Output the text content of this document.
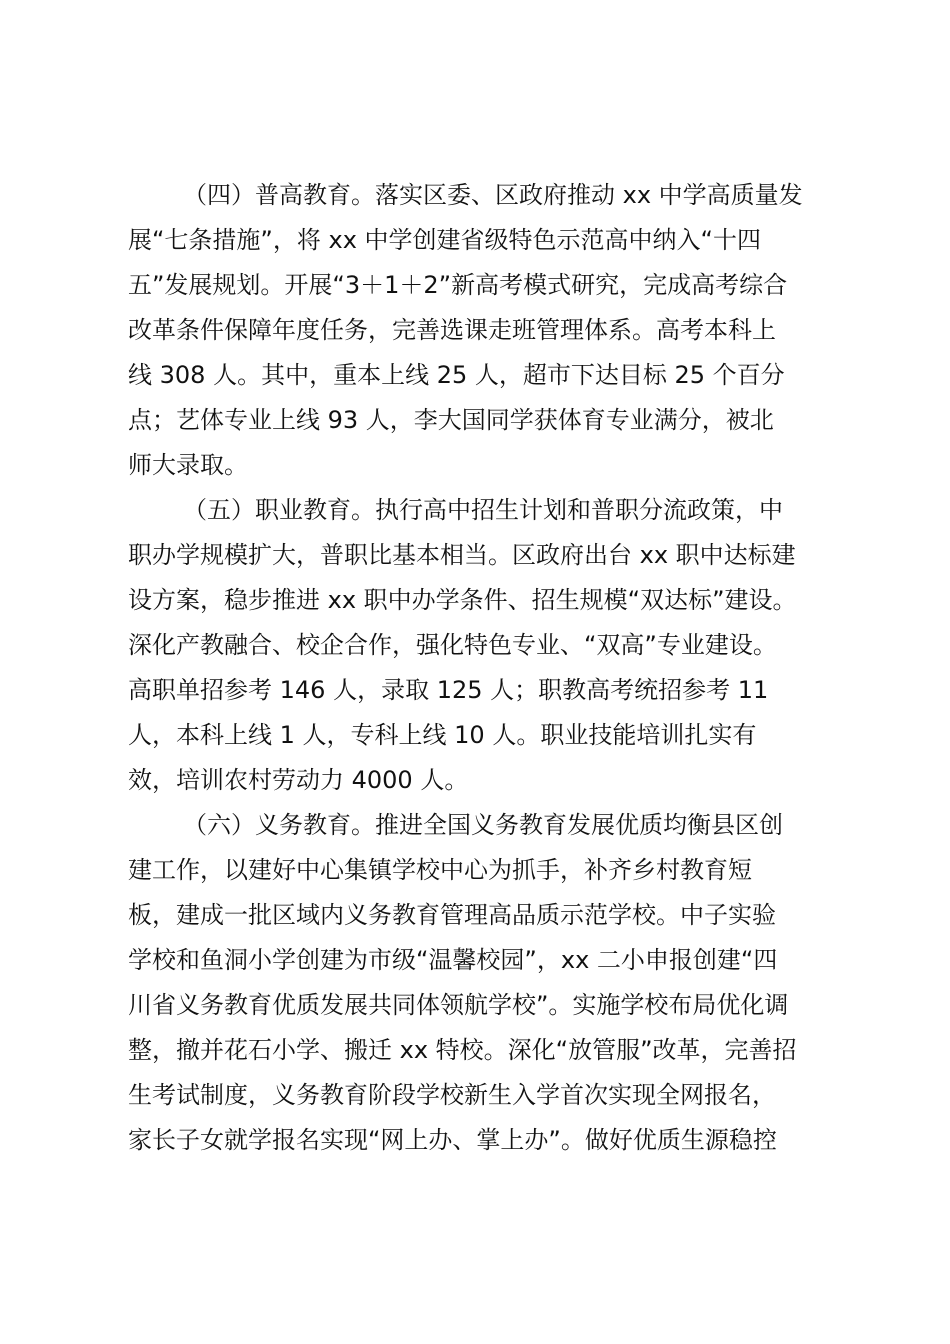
（四）普高教育。落实区委、区政府推动 xx 中学高质量发

展“七条措施”，将 xx 中学创建省级特色示范高中纳入“十四

五”发展规划。开展“3＋1＋2”新高考模式研究，完成高考综合

改革条件保障年度任务，完善选课走班管理体系。高考本科上

线 308 人。其中，重本上线 25 人，超市下达目标 25 个百分

点；艺体专业上线 93 人，李大国同学获体育专业满分，被北

师大录取。

（五）职业教育。执行高中招生计划和普职分流政策，中

职办学规模扩大，普职比基本相当。区政府出台 xx 职中达标建

设方案，稳步推进 xx 职中办学条件、招生规模“双达标”建设。

深化产教融合、校企合作，强化特色专业、“双高”专业建设。

高职单招参考 146 人，录取 125 人；职教高考统招参考 11

人，本科上线 1 人，专科上线 10 人。职业技能培训扎实有

效，培训农村劳动力 4000 人。

（六）义务教育。推进全国义务教育发展优质均衡县区创

建工作，以建好中心集镇学校中心为抓手，补齐乡村教育短

板，建成一批区域内义务教育管理高品质示范学校。中子实验

学校和鱼洞小学创建为市级“温馨校园”，xx 二小申报创建“四

川省义务教育优质发展共同体领航学校”。实施学校布局优化调

整，撤并花石小学、搬迁 xx 特校。深化“放管服”改革，完善招

生考试制度，义务教育阶段学校新生入学首次实现全网报名，

家长子女就学报名实现“网上办、掌上办”。做好优质生源稳控
